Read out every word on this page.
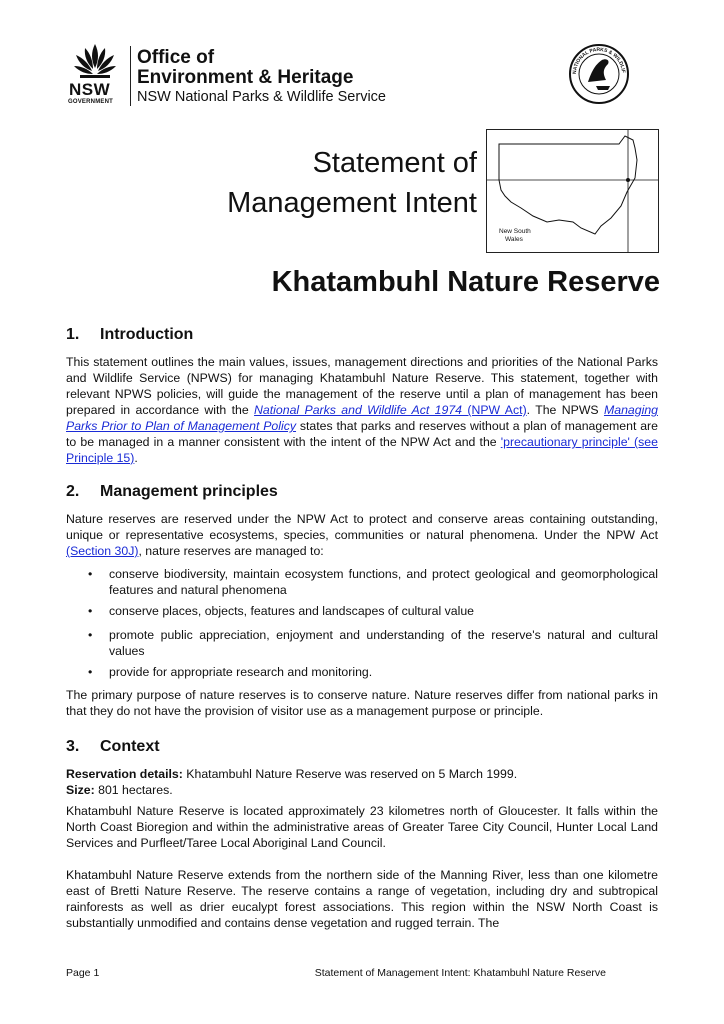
NSW
GOVERNMENT
Office of
Environment & Heritage
NSW National Parks & Wildlife Service
NATIONAL PARKS & WILDLIF
New South
Wales
Statement of
Management Intent
Khatambuhl Nature Reserve
1. Introduction

This statement outlines the main values, issues, management directions and priorities of the National Parks and Wildlife Service (NPWS) for managing Khatambuhl Nature Reserve. This statement, together with relevant NPWS policies, will guide the management of the reserve until a plan of management has been prepared in accordance with the National Parks and Wildlife Act 1974 (NPW Act). The NPWS Managing Parks Prior to Plan of Management Policy states that parks and reserves without a plan of management are to be managed in a manner consistent with the intent of the NPW Act and the 'precautionary principle' (see Principle 15).

2. Management principles

Nature reserves are reserved under the NPW Act to protect and conserve areas containing outstanding, unique or representative ecosystems, species, communities or natural phenomena. Under the NPW Act (Section 30J), nature reserves are managed to:

• conserve biodiversity, maintain ecosystem functions, and protect geological and geomorphological features and natural phenomena
• conserve places, objects, features and landscapes of cultural value
• promote public appreciation, enjoyment and understanding of the reserve's natural and cultural values
• provide for appropriate research and monitoring.

The primary purpose of nature reserves is to conserve nature. Nature reserves differ from national parks in that they do not have the provision of visitor use as a management purpose or principle.

3. Context

Reservation details: Khatambuhl Nature Reserve was reserved on 5 March 1999.

Size: 801 hectares.

Khatambuhl Nature Reserve is located approximately 23 kilometres north of Gloucester. It falls within the North Coast Bioregion and within the administrative areas of Greater Taree City Council, Hunter Local Land Services and Purfleet/Taree Local Aboriginal Land Council.

Khatambuhl Nature Reserve extends from the northern side of the Manning River, less than one kilometre east of Bretti Nature Reserve. The reserve contains a range of vegetation, including dry and subtropical rainforests as well as drier eucalypt forest associations. This region within the NSW North Coast is substantially unmodified and contains dense vegetation and rugged terrain. The

Page 1	Statement of Management Intent: Khatambuhl Nature Reserve
